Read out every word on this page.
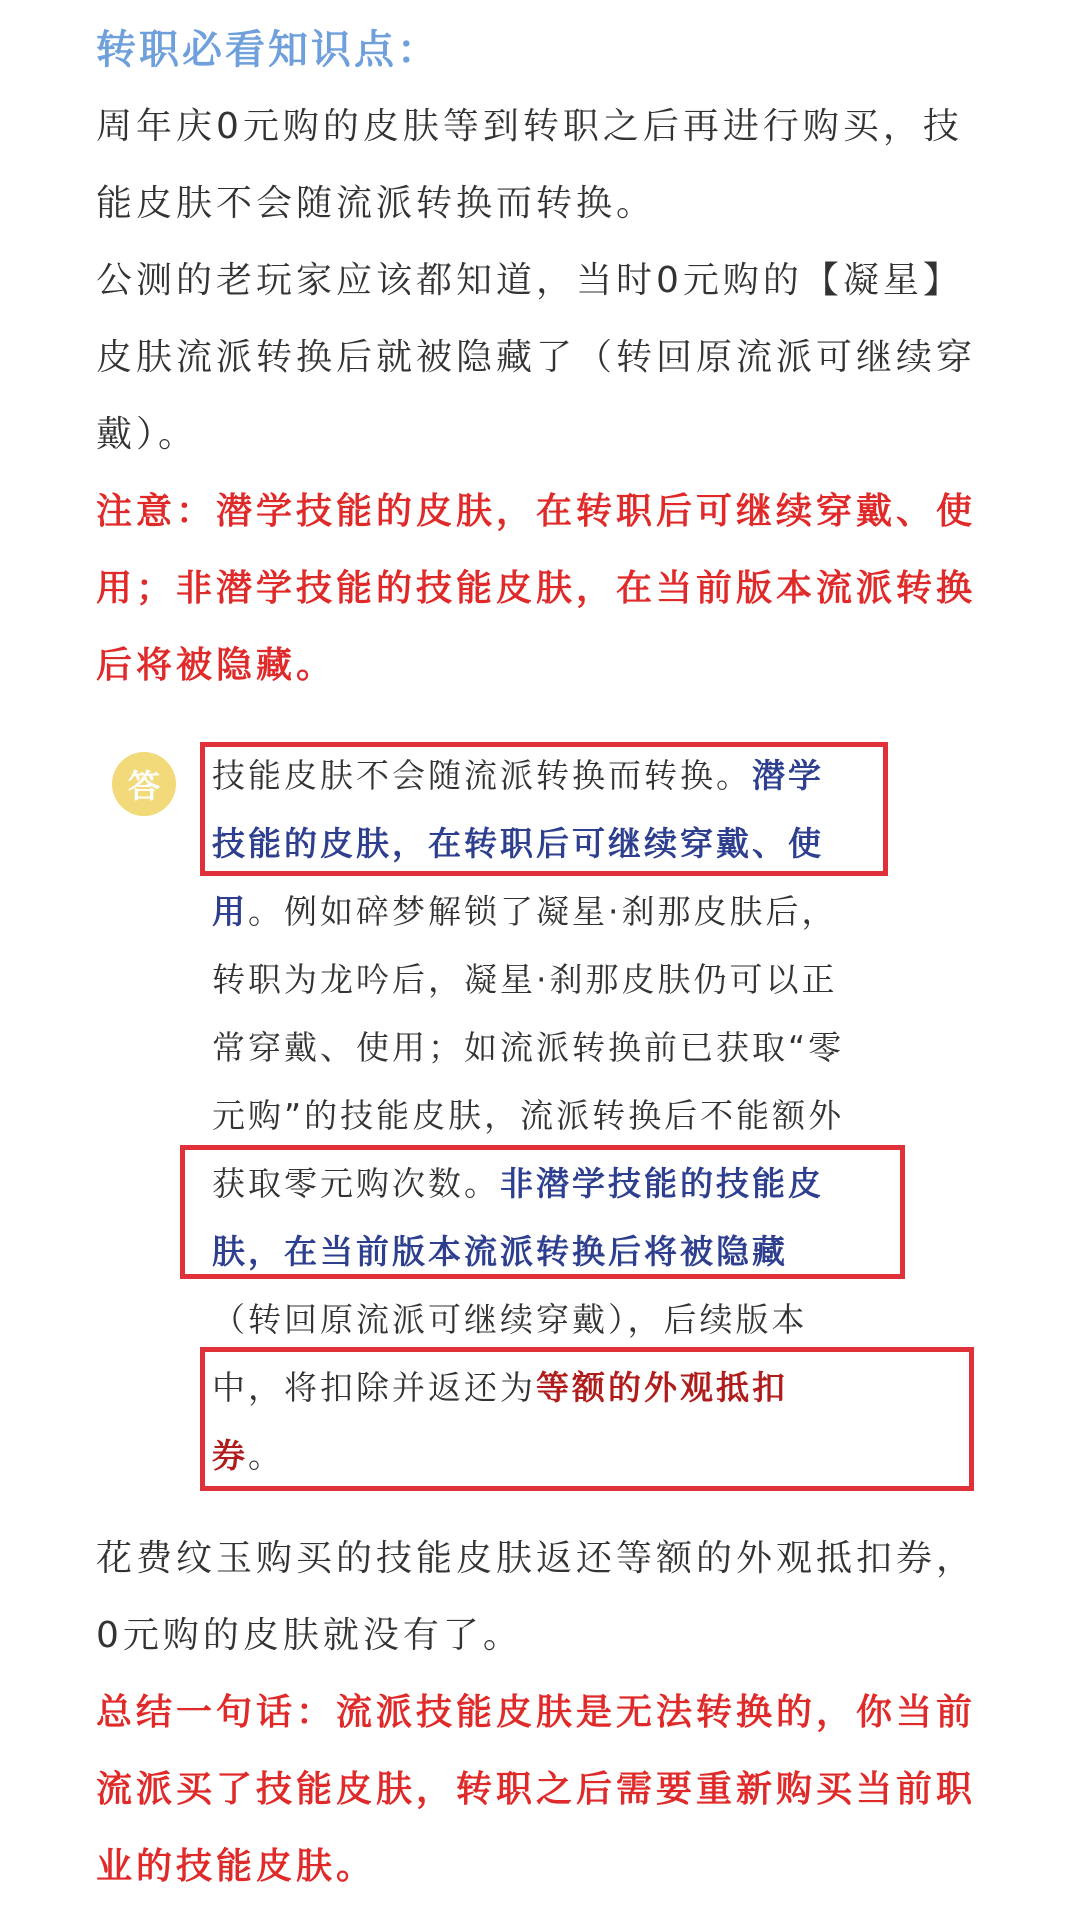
转职必看知识点：

周年庆0元购的皮肤等到转职之后再进行购买，技

能皮肤不会随流派转换而转换。

公测的老玩家应该都知道，当时0元购的【凝星】

皮肤流派转换后就被隐藏了（转回原流派可继续穿

戴）。

注意：潜学技能的皮肤，在转职后可继续穿戴、使

用；非潜学技能的技能皮肤，在当前版本流派转换

后将被隐藏。

答	技能皮肤不会随流派转换而转换。潜学

技能的皮肤，在转职后可继续穿戴、使

用。例如碎梦解锁了凝星·刹那皮肤后，

转职为龙吟后，凝星·刹那皮肤仍可以正

常穿戴、使用；如流派转换前已获取“零

元购”的技能皮肤，流派转换后不能额外

获取零元购次数。非潜学技能的技能皮

肤，在当前版本流派转换后将被隐藏

（转回原流派可继续穿戴），后续版本

中，将扣除并返还为等额的外观抵扣

券。

花费纹玉购买的技能皮肤返还等额的外观抵扣券，

0元购的皮肤就没有了。

总结一句话：流派技能皮肤是无法转换的，你当前

流派买了技能皮肤，转职之后需要重新购买当前职

业的技能皮肤。
